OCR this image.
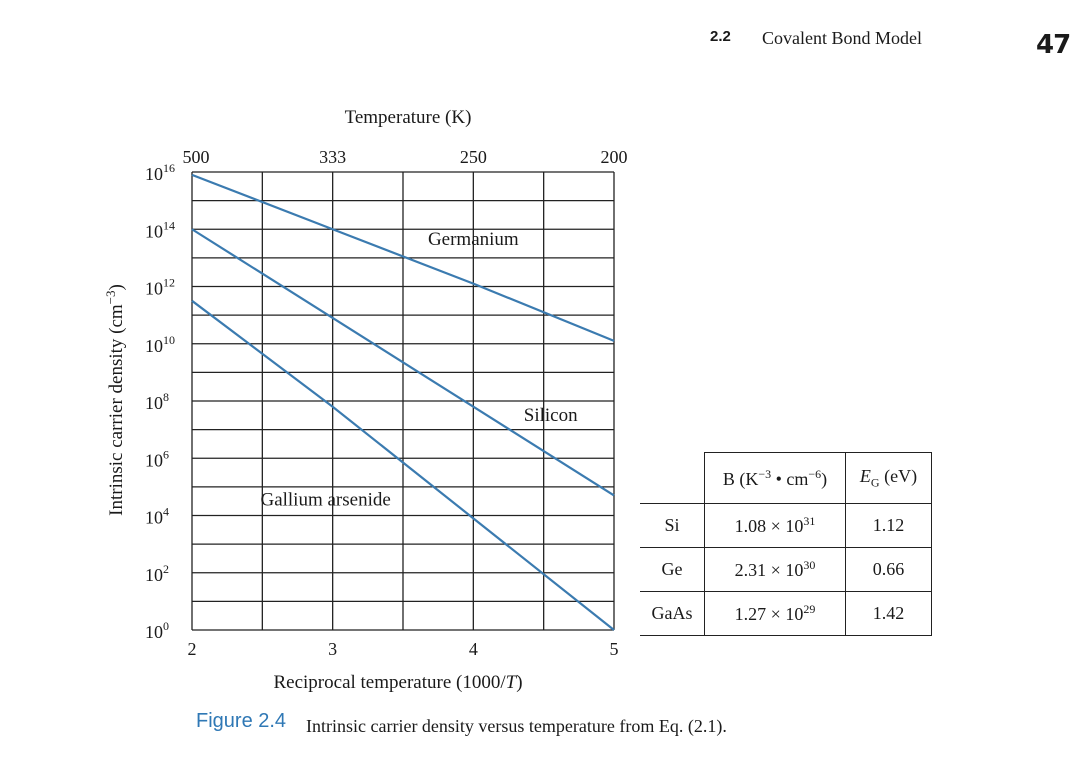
2.2 Covalent Bond Model	47
2	3	4	5
500	333	250	200
$10^0$
$10^2$
$10^4$
$10^6$
$10^8$
$10^{10}$
$10^{12}$
$10^{14}$
$10^{16}$
Germanium
Silicon
Gallium arsenide
Temperature (K)
Reciprocal temperature (1000/T)
Intrinsic carrier density $(cm^{-3})$
	B ($K^{-3}$ • $cm^{-6}$)	$E_G$ (eV)
Si	$1.08 \times 10^{31}$	1.12
Ge	$2.31 \times 10^{30}$	0.66
GaAs	$1.27 \times 10^{29}$	1.42
Figure 2.4 Intrinsic carrier density versus temperature from Eq. (2.1).
